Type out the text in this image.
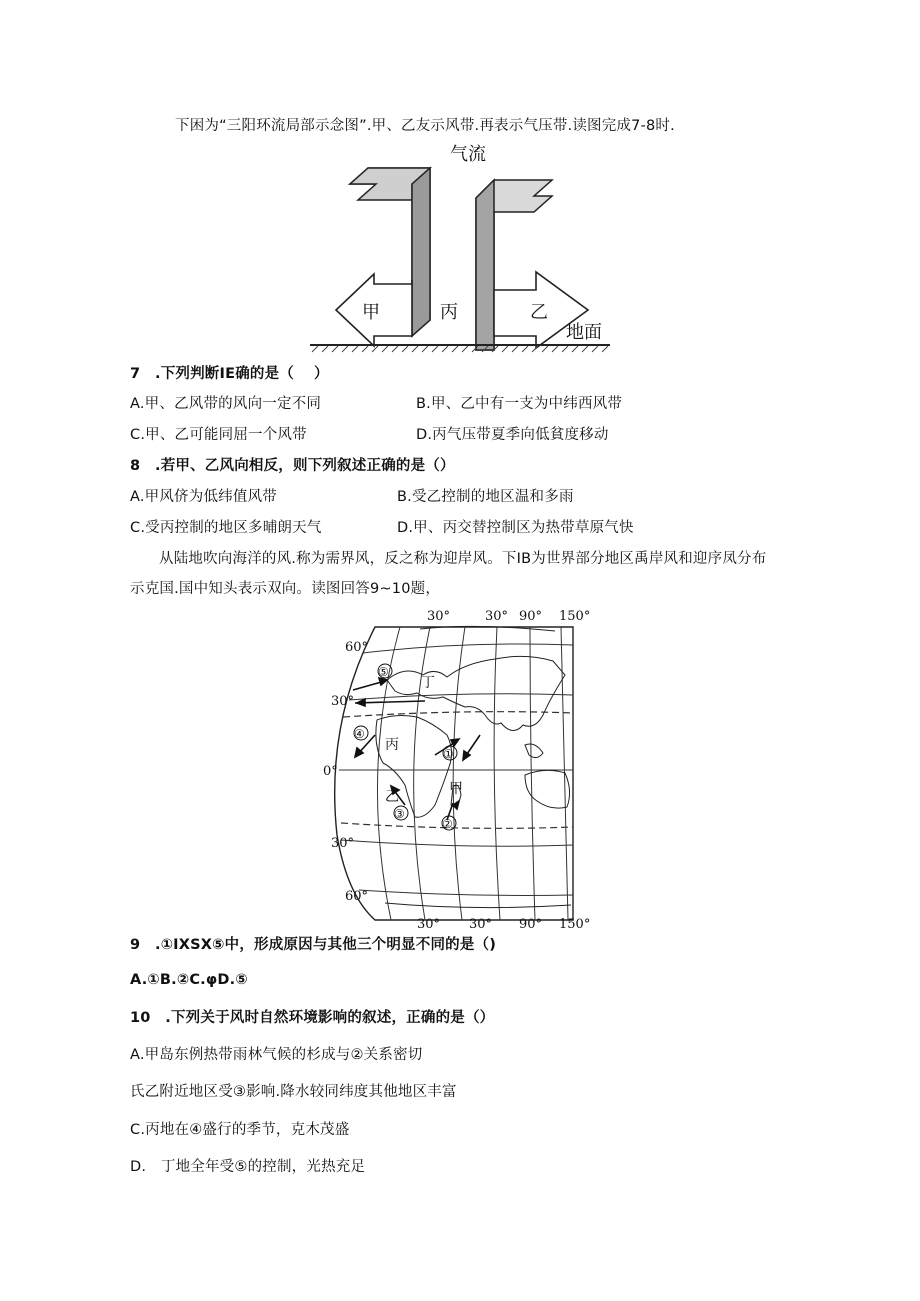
下困为“三阳环流局部示念图”.甲、乙友示风带.再表示气压带.读图完成7-8时.
气流
甲	丙	乙
地面
7　.下列判断IE确的是（　 ）
A.甲、乙风带的风向一定不同	B.甲、乙中有一支为中纬西风带
C.甲、乙可能同屈一个风带	D.丙气压带夏季向低貧度移动
8　.若甲、乙风向相反，则下列叙述正确的是（）
A.甲风侪为低纬值风带	B.受乙控制的地区温和多雨
C.受丙控制的地区多晡朗天气	D.甲、丙交替控制区为热带草原气快
从陆地吹向海洋的风.称为需界风，反之称为迎岸风。下IB为世界部分地区禹岸风和迎序凤分布
示克国.国中知头表示双向。读图回答9~10题，
⑤
④
①
③
②
丁
丙
甲
乙
30°	30° 90° 150°
30° 30° 90° 150°
60°
30°
0°
30°
60°
9　.①IXSX⑤中，形成原因与其他三个明显不同的是（)
A.①B.②C.φD.⑤
10　.下列关于风时自然环境影响的叙述，正确的是（）
A.甲岛东例热带雨林气候的杉成与②关系密切
氏乙附近地区受③影响.降水较同纬度其他地区丰富
C.丙地在④盛行的季节，克木茂盛
D.　丁地全年受⑤的控制，光热充足
